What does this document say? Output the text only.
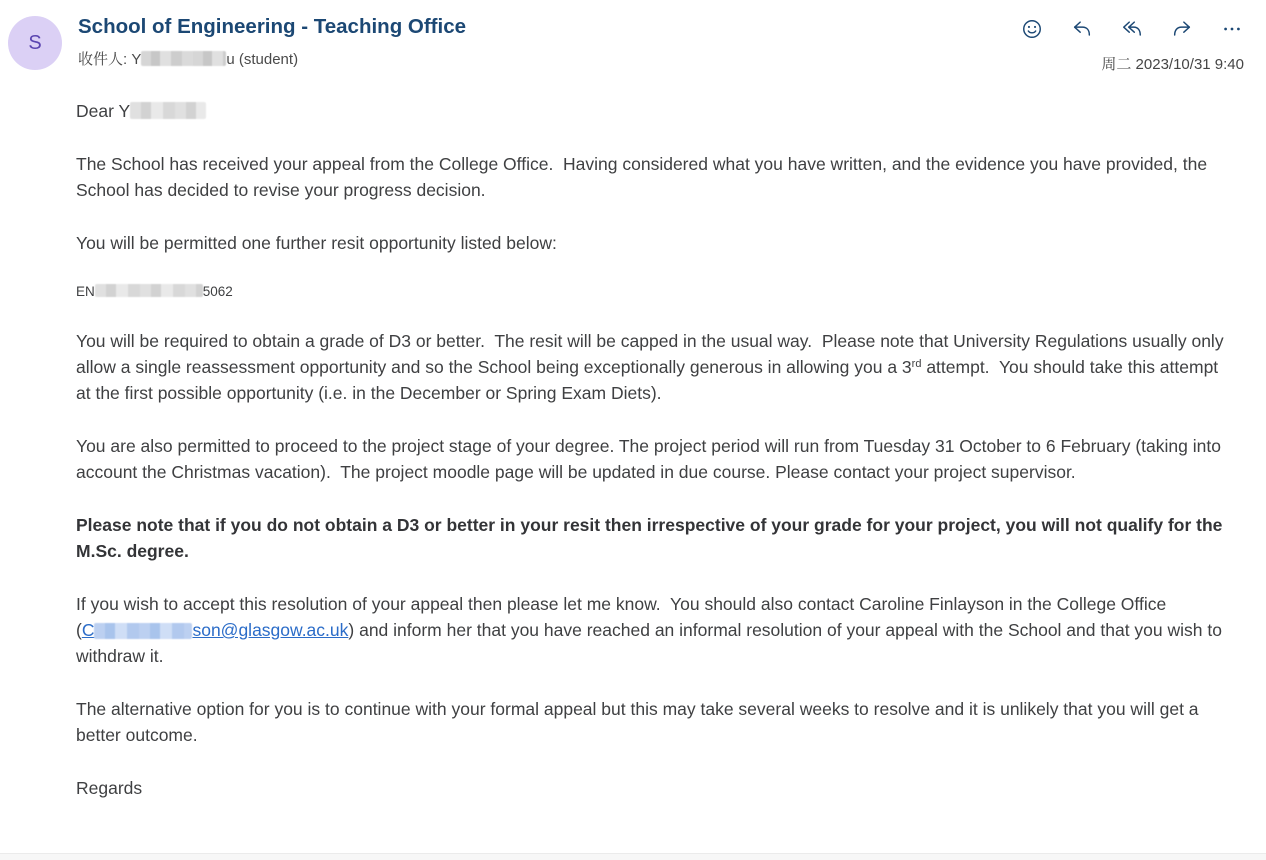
S
School of Engineering - Teaching Office
收件人: Y	u (student)	周二 2023/10/31 9:40

Dear Y

The School has received your appeal from the College Office.  Having considered what you have written, and the evidence you have provided, the School has decided to revise your progress decision.

You will be permitted one further resit opportunity listed below:

EN	5062

You will be required to obtain a grade of D3 or better.  The resit will be capped in the usual way.  Please note that University Regulations usually only allow a single reassessment opportunity and so the School being exceptionally generous in allowing you a 3rd attempt.  You should take this attempt at the first possible opportunity (i.e. in the December or Spring Exam Diets).

You are also permitted to proceed to the project stage of your degree. The project period will run from Tuesday 31 October to 6 February (taking into account the Christmas vacation).  The project moodle page will be updated in due course. Please contact your project supervisor.

Please note that if you do not obtain a D3 or better in your resit then irrespective of your grade for your project, you will not qualify for the M.Sc. degree.

If you wish to accept this resolution of your appeal then please let me know.  You should also contact Caroline Finlayson in the College Office (C	son@glasgow.ac.uk) and inform her that you have reached an informal resolution of your appeal with the School and that you wish to withdraw it.

The alternative option for you is to continue with your formal appeal but this may take several weeks to resolve and it is unlikely that you will get a better outcome.

Regards
